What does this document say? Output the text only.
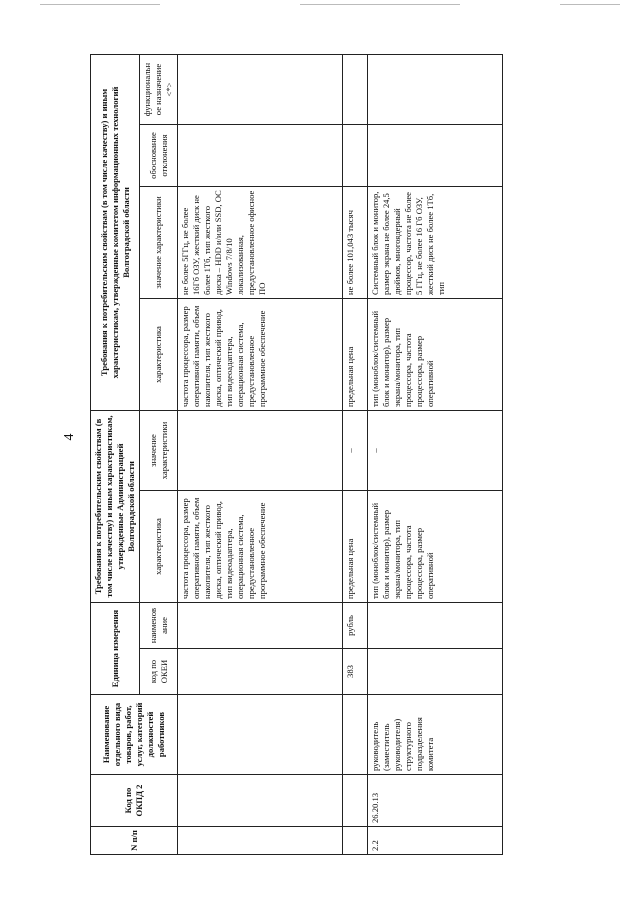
4
N п/п	Код по ОКПД 2	Наименование отдельного вида товаров, работ, услуг, категорий должностей работников	Единица измерения		Требования к потребительским свойствам (в том числе качеству) и иным характеристикам, утвержденные Администрацией Волгоградской области		Требования к потребительским свойствам (в том числе качеству) и иным характеристикам, утвержденные комитетом информационных технологий Волгоградской области			
			код по ОКЕИ	наименов ание	характеристика	значение характеристики	характеристика	значение характеристики	обоснование отклонения	функциональн ое назначение <*>
					частота процессора, размер оперативной памяти, объем накопителя, тип жесткого диска, оптический привод, тип видеоадаптера, операционная система, предустановленное программное обеспечение		частота процессора, размер оперативной памяти, объем накопителя, тип жесткого диска, оптический привод, тип видеоадаптера, операционная система, предустановленное программное обеспечение	не более 5ГГц, не более 16Гб ОЗУ, жесткий диск не более 1Тб, тип жесткого диска – HDD и/или SSD, ОС Windows 7/8/10 локализованная, предустановленное офисное ПО		
			383	рубль	предельная цена	–	предельная цена	не более 101,043 тысяч		
2.2	26.20.13	руководитель (заместитель руководителя) структурного подразделения комитета			тип (моноблок/системный блок и монитор), размер экрана/монитора, тип процессора, частота процессора, размер оперативной	–	тип (моноблок/системный блок и монитор), размер экрана/монитора, тип процессора, частота процессора, размер оперативной	Системный блок и монитор, размер экрана не более 24,5 дюймов, многоядерный процессор, частота не более 5 ГГц, не более 16 Гб ОЗУ, жесткий диск не более 1Тб, тип		
